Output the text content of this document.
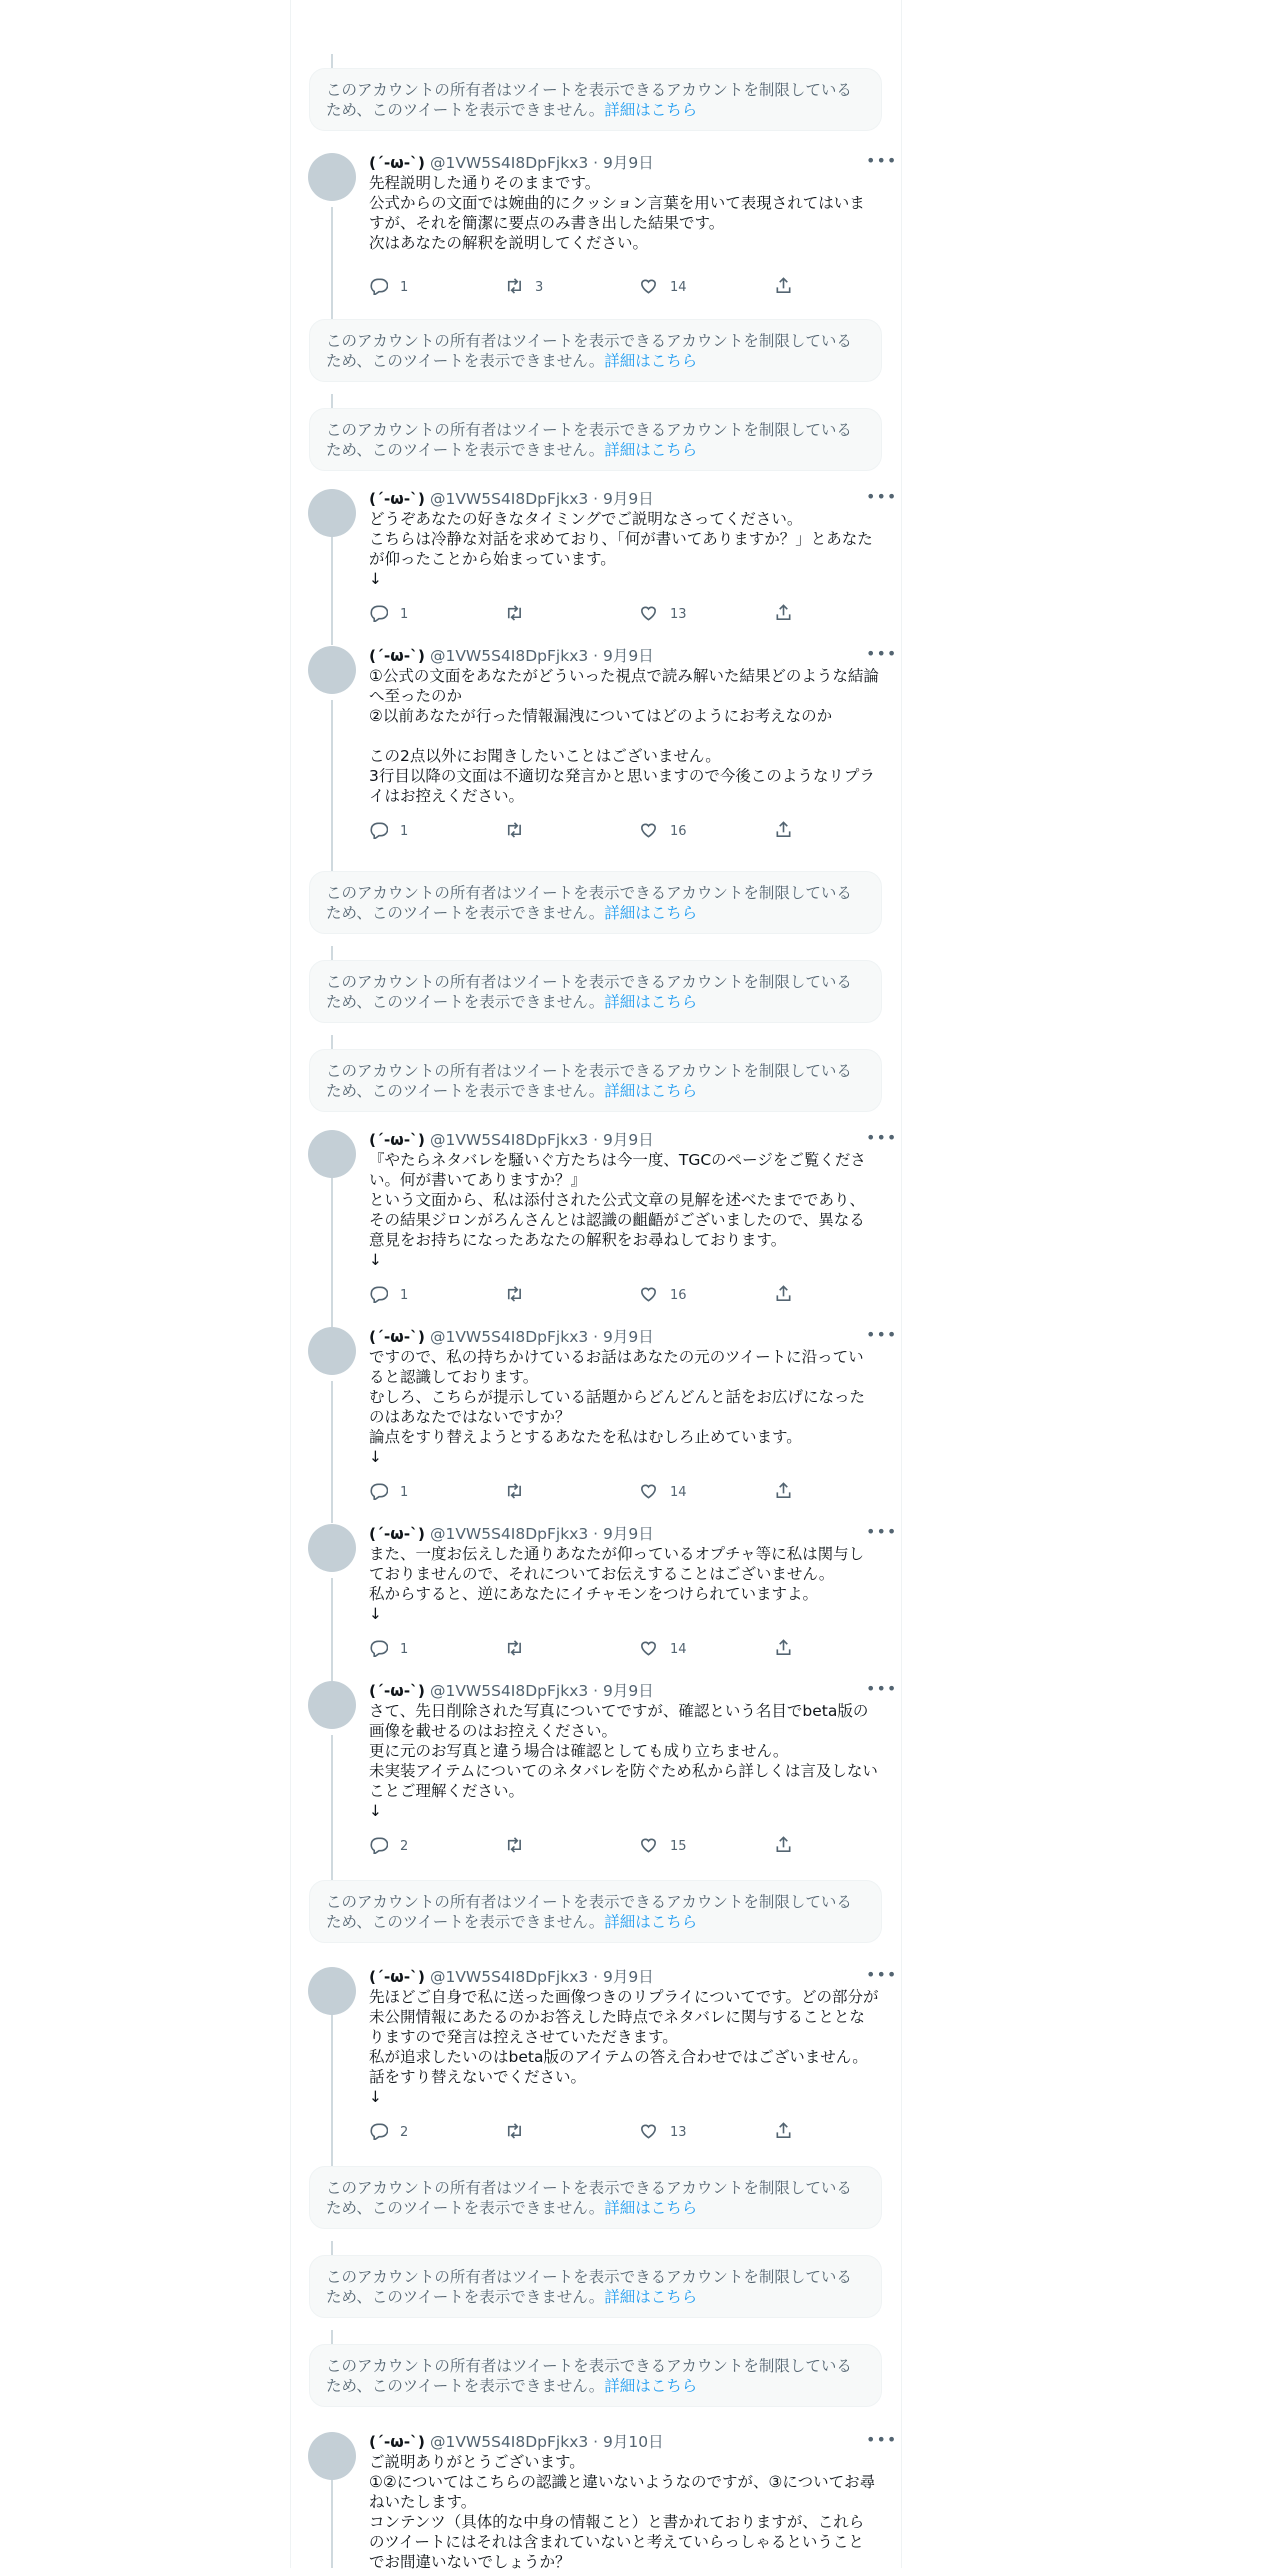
このアカウントの所有者はツイートを表示できるアカウントを制限しているため、このツイートを表示できません。詳細はこちら
(´-ω-`) @1VW5S4I8DpFjkx3 · 9月9日	•••
先程説明した通りそのままです。
公式からの文面では婉曲的にクッション言葉を用いて表現されてはいますが、それを簡潔に要点のみ書き出した結果です。
次はあなたの解釈を説明してください。
1	3	14
このアカウントの所有者はツイートを表示できるアカウントを制限しているため、このツイートを表示できません。詳細はこちら
このアカウントの所有者はツイートを表示できるアカウントを制限しているため、このツイートを表示できません。詳細はこちら
(´-ω-`) @1VW5S4I8DpFjkx3 · 9月9日	•••
どうぞあなたの好きなタイミングでご説明なさってください。
こちらは冷静な対話を求めており、「何が書いてありますか？」とあなたが仰ったことから始まっています。
↓
1	13
(´-ω-`) @1VW5S4I8DpFjkx3 · 9月9日	•••
①公式の文面をあなたがどういった視点で読み解いた結果どのような結論へ至ったのか
②以前あなたが行った情報漏洩についてはどのようにお考えなのか

この2点以外にお聞きしたいことはございません。
3行目以降の文面は不適切な発言かと思いますので今後このようなリプライはお控えください。
1	16
このアカウントの所有者はツイートを表示できるアカウントを制限しているため、このツイートを表示できません。詳細はこちら
このアカウントの所有者はツイートを表示できるアカウントを制限しているため、このツイートを表示できません。詳細はこちら
このアカウントの所有者はツイートを表示できるアカウントを制限しているため、このツイートを表示できません。詳細はこちら
(´-ω-`) @1VW5S4I8DpFjkx3 · 9月9日	•••
『やたらネタバレを騒いぐ方たちは今一度、TGCのページをご覧ください。何が書いてありますか？』
という文面から、私は添付された公式文章の見解を述べたまでであり、その結果ジロンがろんさんとは認識の齟齬がございましたので、異なる意見をお持ちになったあなたの解釈をお尋ねしております。
↓
1	16
(´-ω-`) @1VW5S4I8DpFjkx3 · 9月9日	•••
ですので、私の持ちかけているお話はあなたの元のツイートに沿っていると認識しております。
むしろ、こちらが提示している話題からどんどんと話をお広げになったのはあなたではないですか？
論点をすり替えようとするあなたを私はむしろ止めています。
↓
1	14
(´-ω-`) @1VW5S4I8DpFjkx3 · 9月9日	•••
また、一度お伝えした通りあなたが仰っているオプチャ等に私は関与しておりませんので、それについてお伝えすることはございません。
私からすると、逆にあなたにイチャモンをつけられていますよ。
↓
1	14
(´-ω-`) @1VW5S4I8DpFjkx3 · 9月9日	•••
さて、先日削除された写真についてですが、確認という名目でbeta版の画像を載せるのはお控えください。
更に元のお写真と違う場合は確認としても成り立ちません。
未実装アイテムについてのネタバレを防ぐため私から詳しくは言及しないことご理解ください。
↓
2	15
このアカウントの所有者はツイートを表示できるアカウントを制限しているため、このツイートを表示できません。詳細はこちら
(´-ω-`) @1VW5S4I8DpFjkx3 · 9月9日	•••
先ほどご自身で私に送った画像つきのリプライについてです。どの部分が未公開情報にあたるのかお答えした時点でネタバレに関与することとなりますので発言は控えさせていただきます。
私が追求したいのはbeta版のアイテムの答え合わせではございません。
話をすり替えないでください。
↓
2	13
このアカウントの所有者はツイートを表示できるアカウントを制限しているため、このツイートを表示できません。詳細はこちら
このアカウントの所有者はツイートを表示できるアカウントを制限しているため、このツイートを表示できません。詳細はこちら
このアカウントの所有者はツイートを表示できるアカウントを制限しているため、このツイートを表示できません。詳細はこちら
(´-ω-`) @1VW5S4I8DpFjkx3 · 9月10日	•••
ご説明ありがとうございます。
①②についてはこちらの認識と違いないようなのですが、③についてお尋ねいたします。
コンテンツ（具体的な中身の情報こと）と書かれておりますが、これらのツイートにはそれは含まれていないと考えていらっしゃるということでお間違いないでしょうか？
